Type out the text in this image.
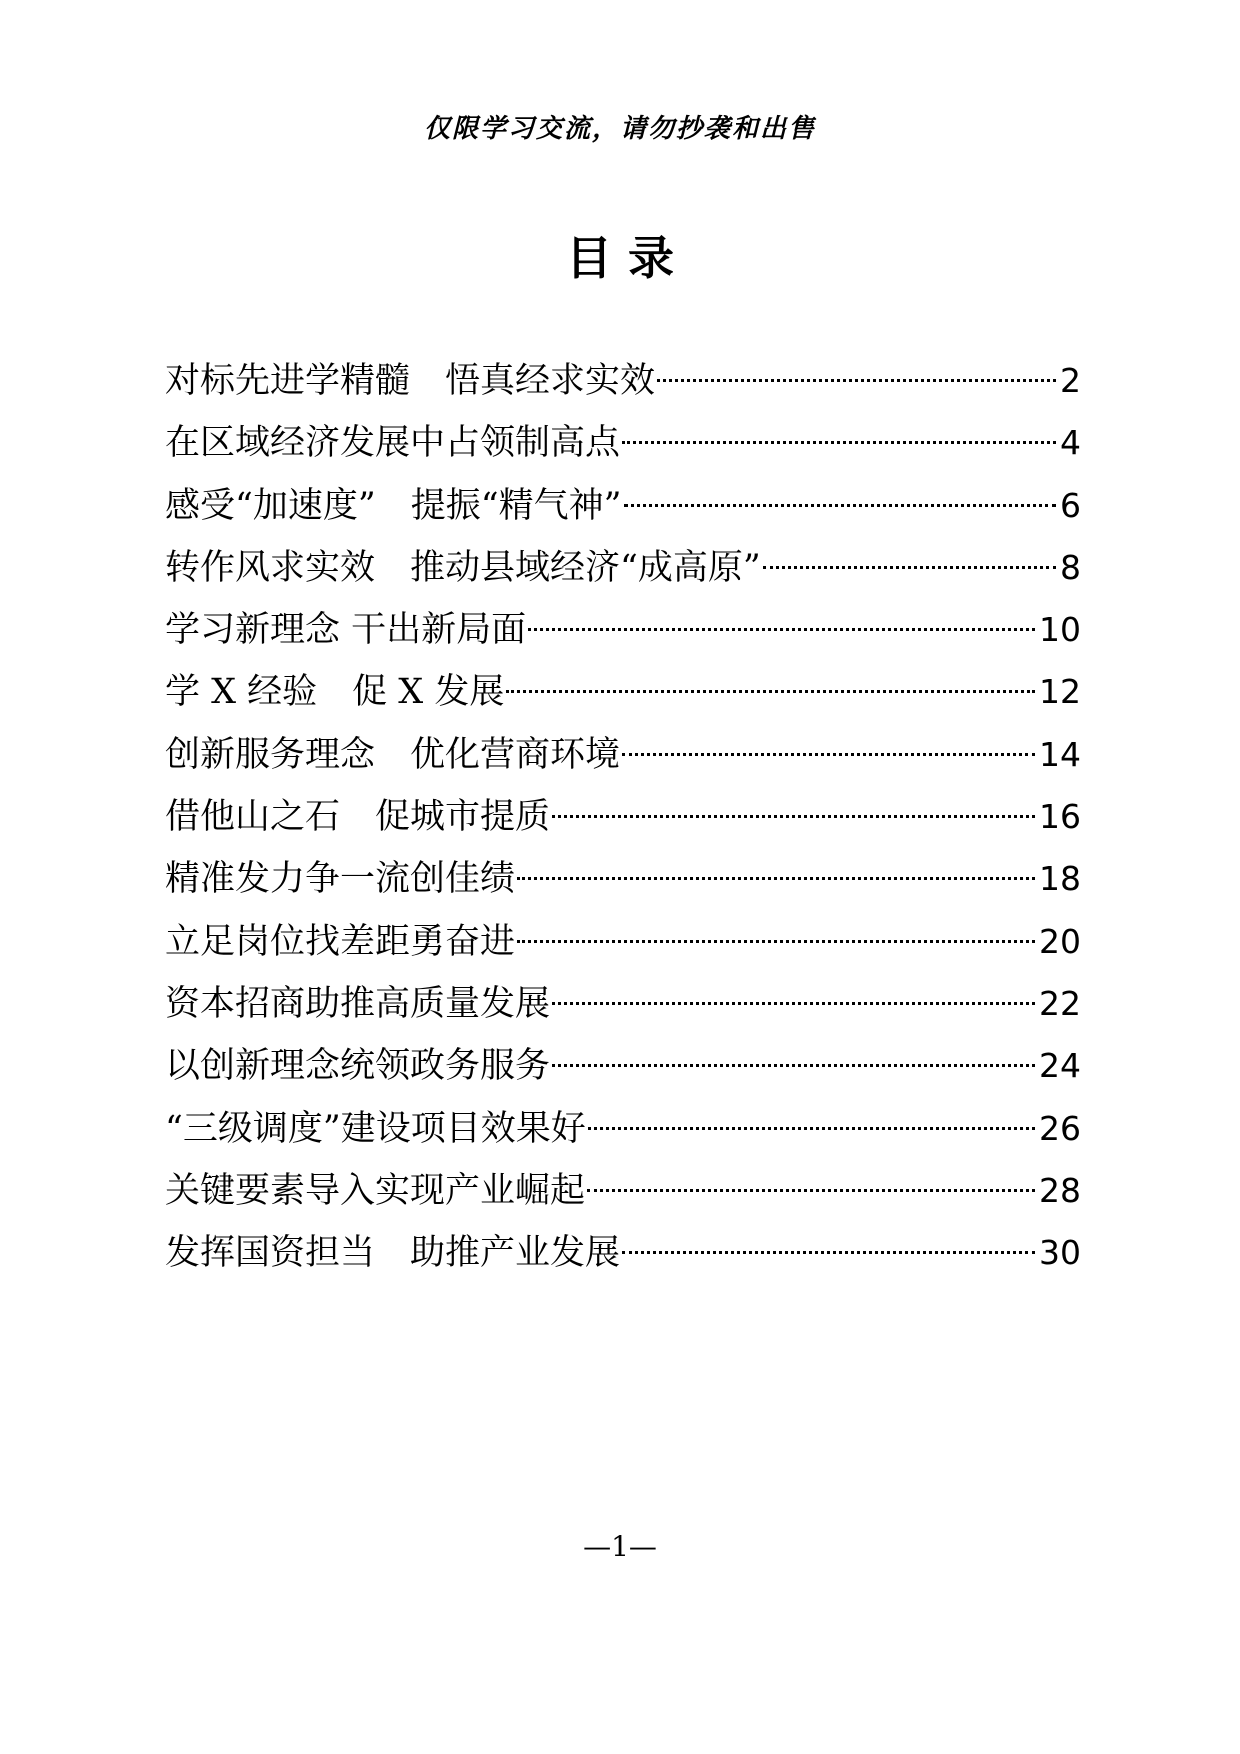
仅限学习交流，请勿抄袭和出售
目 录
对标先进学精髓　悟真经求实效	2
在区域经济发展中占领制高点	4
感受“加速度”　提振“精气神”	6
转作风求实效　推动县域经济“成高原”	8
学习新理念 干出新局面	10
学 X 经验　促 X 发展	12
创新服务理念　优化营商环境	14
借他山之石　促城市提质	16
精准发力争一流创佳绩	18
立足岗位找差距勇奋进	20
资本招商助推高质量发展	22
以创新理念统领政务服务	24
“三级调度”建设项目效果好	26
关键要素导入实现产业崛起	28
发挥国资担当　助推产业发展	30
—1—
